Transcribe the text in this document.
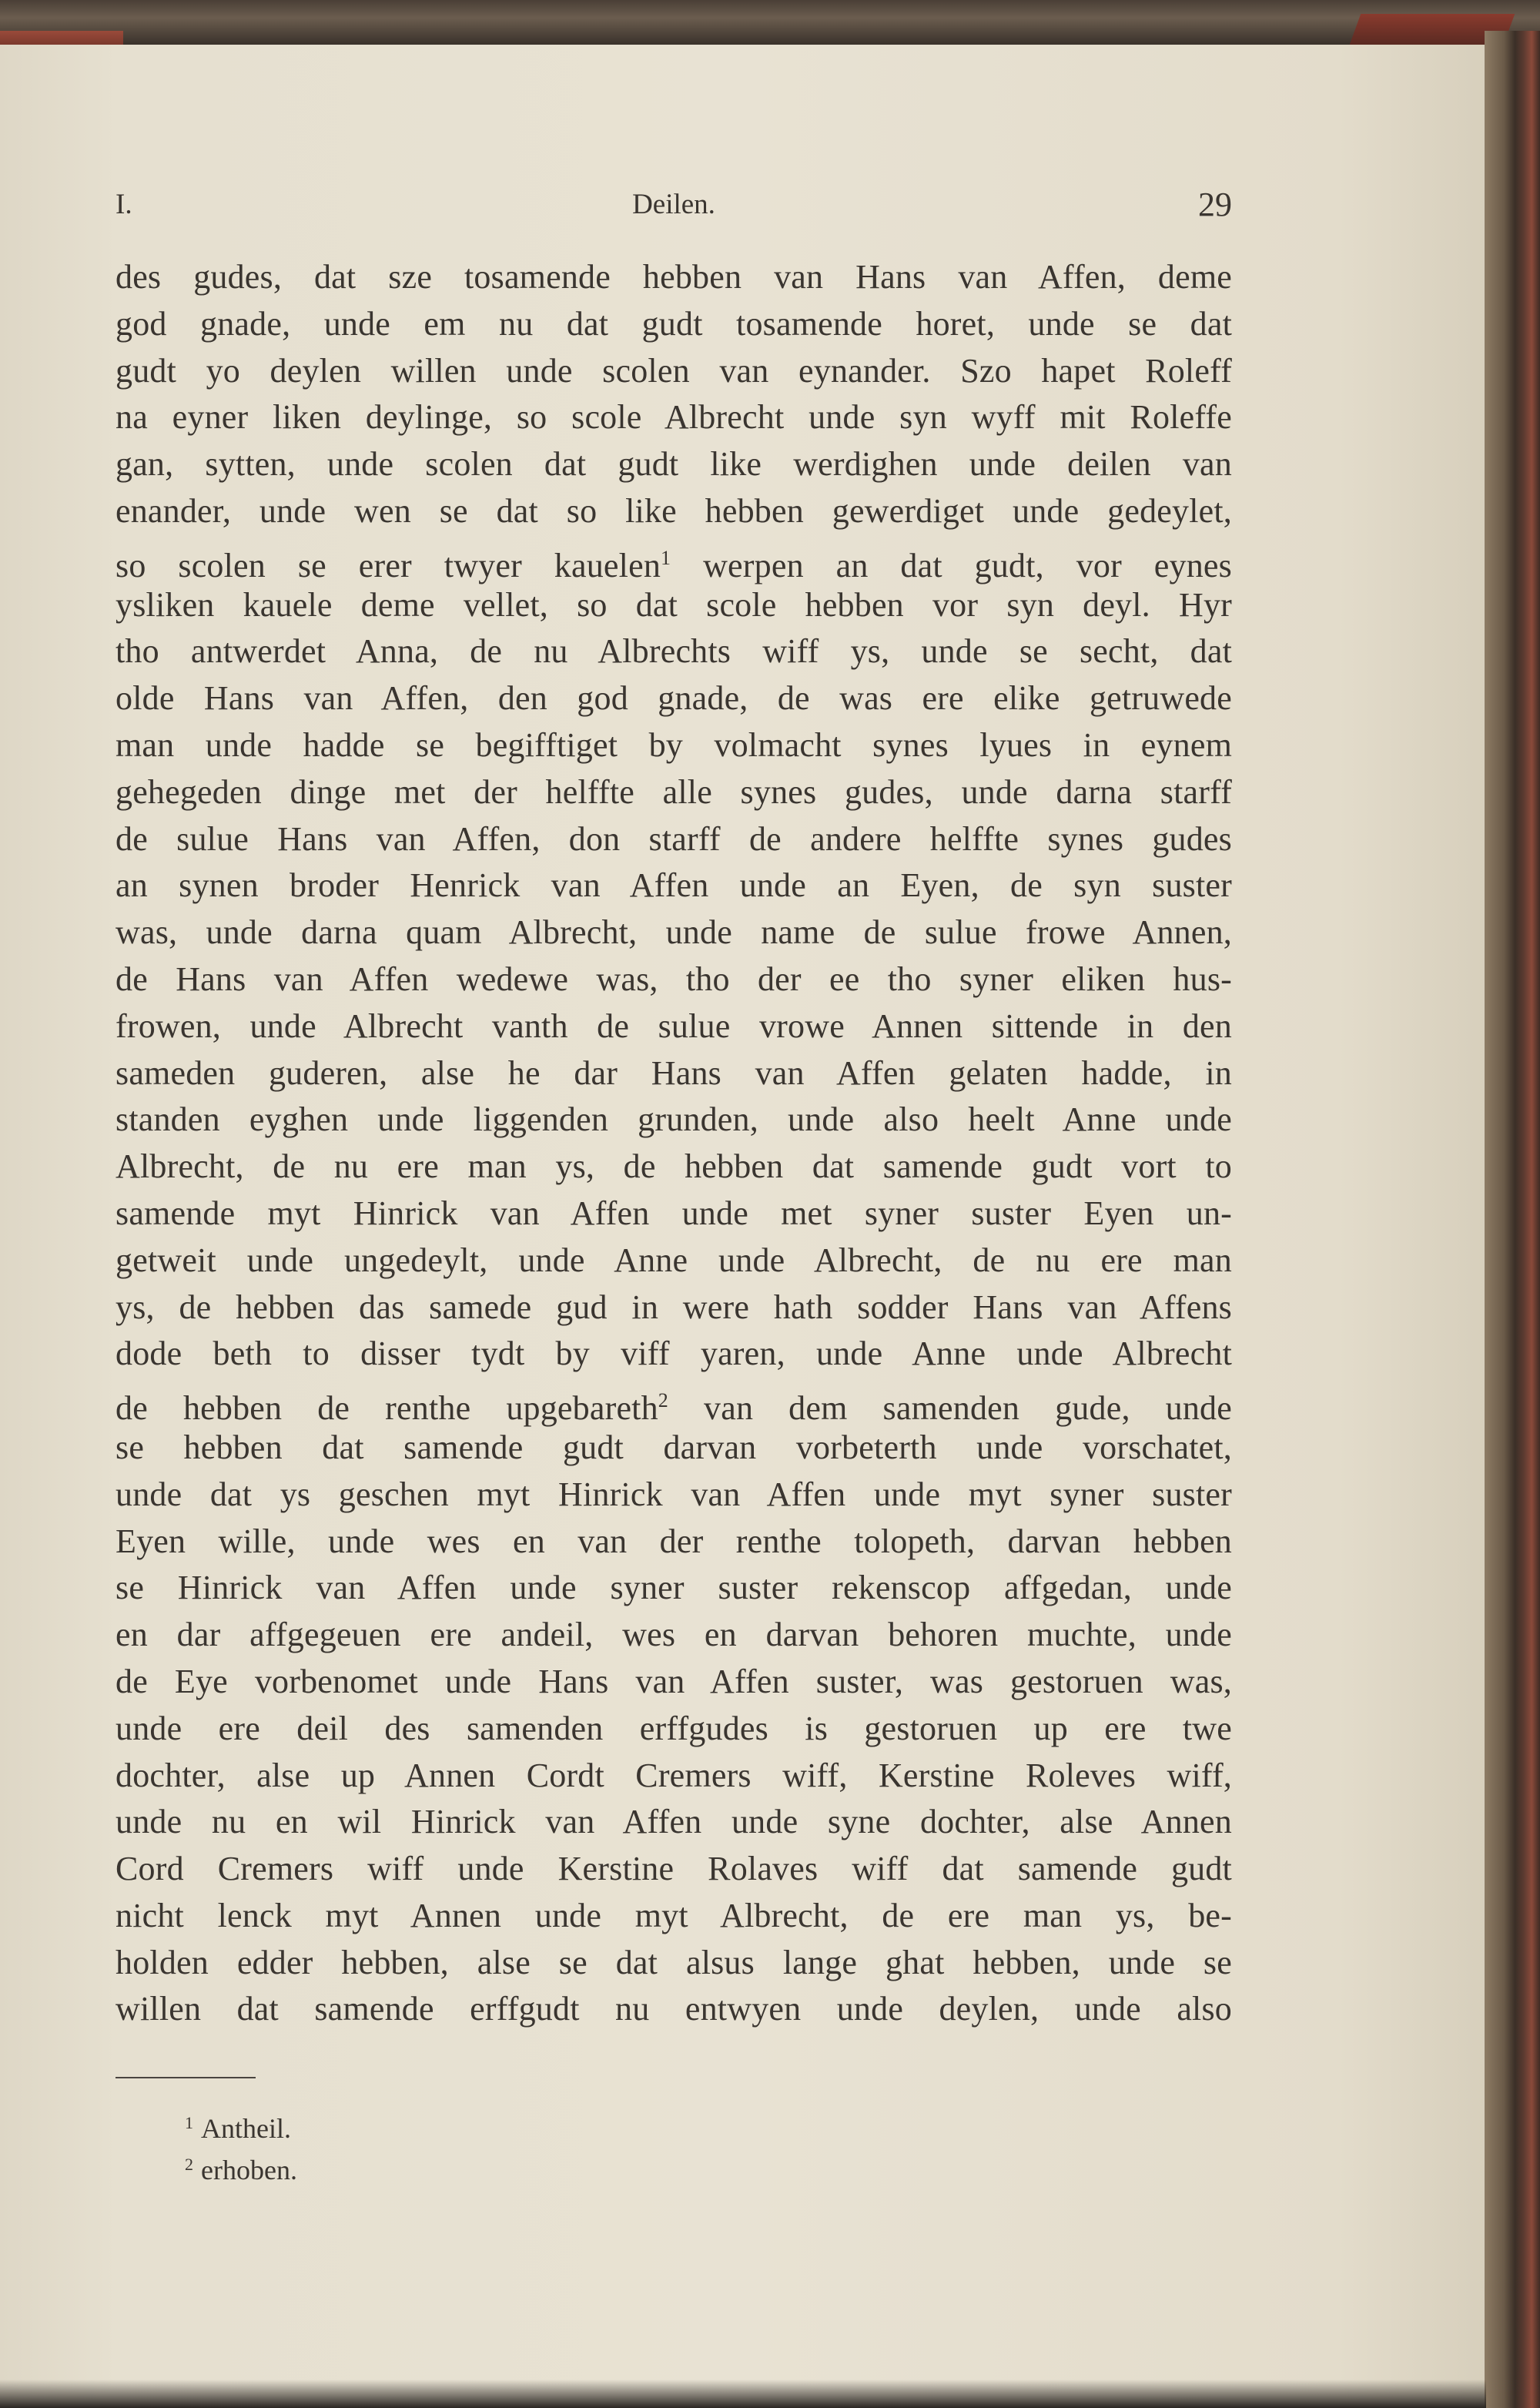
I.	Deilen.	29
des gudes, dat sze tosamende hebben van Hans van Affen, deme
god gnade, unde em nu dat gudt tosamende horet, unde se dat
gudt yo deylen willen unde scolen van eynander. Szo hapet Roleff
na eyner liken deylinge, so scole Albrecht unde syn wyff mit Roleffe
gan, sytten, unde scolen dat gudt like werdighen unde deilen van
enander, unde wen se dat so like hebben gewerdiget unde gedeylet,
so scolen se erer twyer kauelen$^1$ werpen an dat gudt, vor eynes
ysliken kauele deme vellet, so dat scole hebben vor syn deyl. Hyr
tho antwerdet Anna, de nu Albrechts wiff ys, unde se secht, dat
olde Hans van Affen, den god gnade, de was ere elike getruwede
man unde hadde se begifftiget by volmacht synes lyues in eynem
gehegeden dinge met der helffte alle synes gudes, unde darna starff
de sulue Hans van Affen, don starff de andere helffte synes gudes
an synen broder Henrick van Affen unde an Eyen, de syn suster
was, unde darna quam Albrecht, unde name de sulue frowe Annen,
de Hans van Affen wedewe was, tho der ee tho syner eliken hus-
frowen, unde Albrecht vanth de sulue vrowe Annen sittende in den
sameden guderen, alse he dar Hans van Affen gelaten hadde, in
standen eyghen unde liggenden grunden, unde also heelt Anne unde
Albrecht, de nu ere man ys, de hebben dat samende gudt vort to
samende myt Hinrick van Affen unde met syner suster Eyen un-
getweit unde ungedeylt, unde Anne unde Albrecht, de nu ere man
ys, de hebben das samede gud in were hath sodder Hans van Affens
dode beth to disser tydt by viff yaren, unde Anne unde Albrecht
de hebben de renthe upgebareth$^2$ van dem samenden gude, unde
se hebben dat samende gudt darvan vorbeterth unde vorschatet,
unde dat ys geschen myt Hinrick van Affen unde myt syner suster
Eyen wille, unde wes en van der renthe tolopeth, darvan hebben
se Hinrick van Affen unde syner suster rekenscop affgedan, unde
en dar affgegeuen ere andeil, wes en darvan behoren muchte, unde
de Eye vorbenomet unde Hans van Affen suster, was gestoruen was,
unde ere deil des samenden erffgudes is gestoruen up ere twe
dochter, alse up Annen Cordt Cremers wiff, Kerstine Roleves wiff,
unde nu en wil Hinrick van Affen unde syne dochter, alse Annen
Cord Cremers wiff unde Kerstine Rolaves wiff dat samende gudt
nicht lenck myt Annen unde myt Albrecht, de ere man ys, be-
holden edder hebben, alse se dat alsus lange ghat hebben, unde se
willen dat samende erffgudt nu entwyen unde deylen, unde also
$^1$ Antheil.
$^2$ erhoben.
